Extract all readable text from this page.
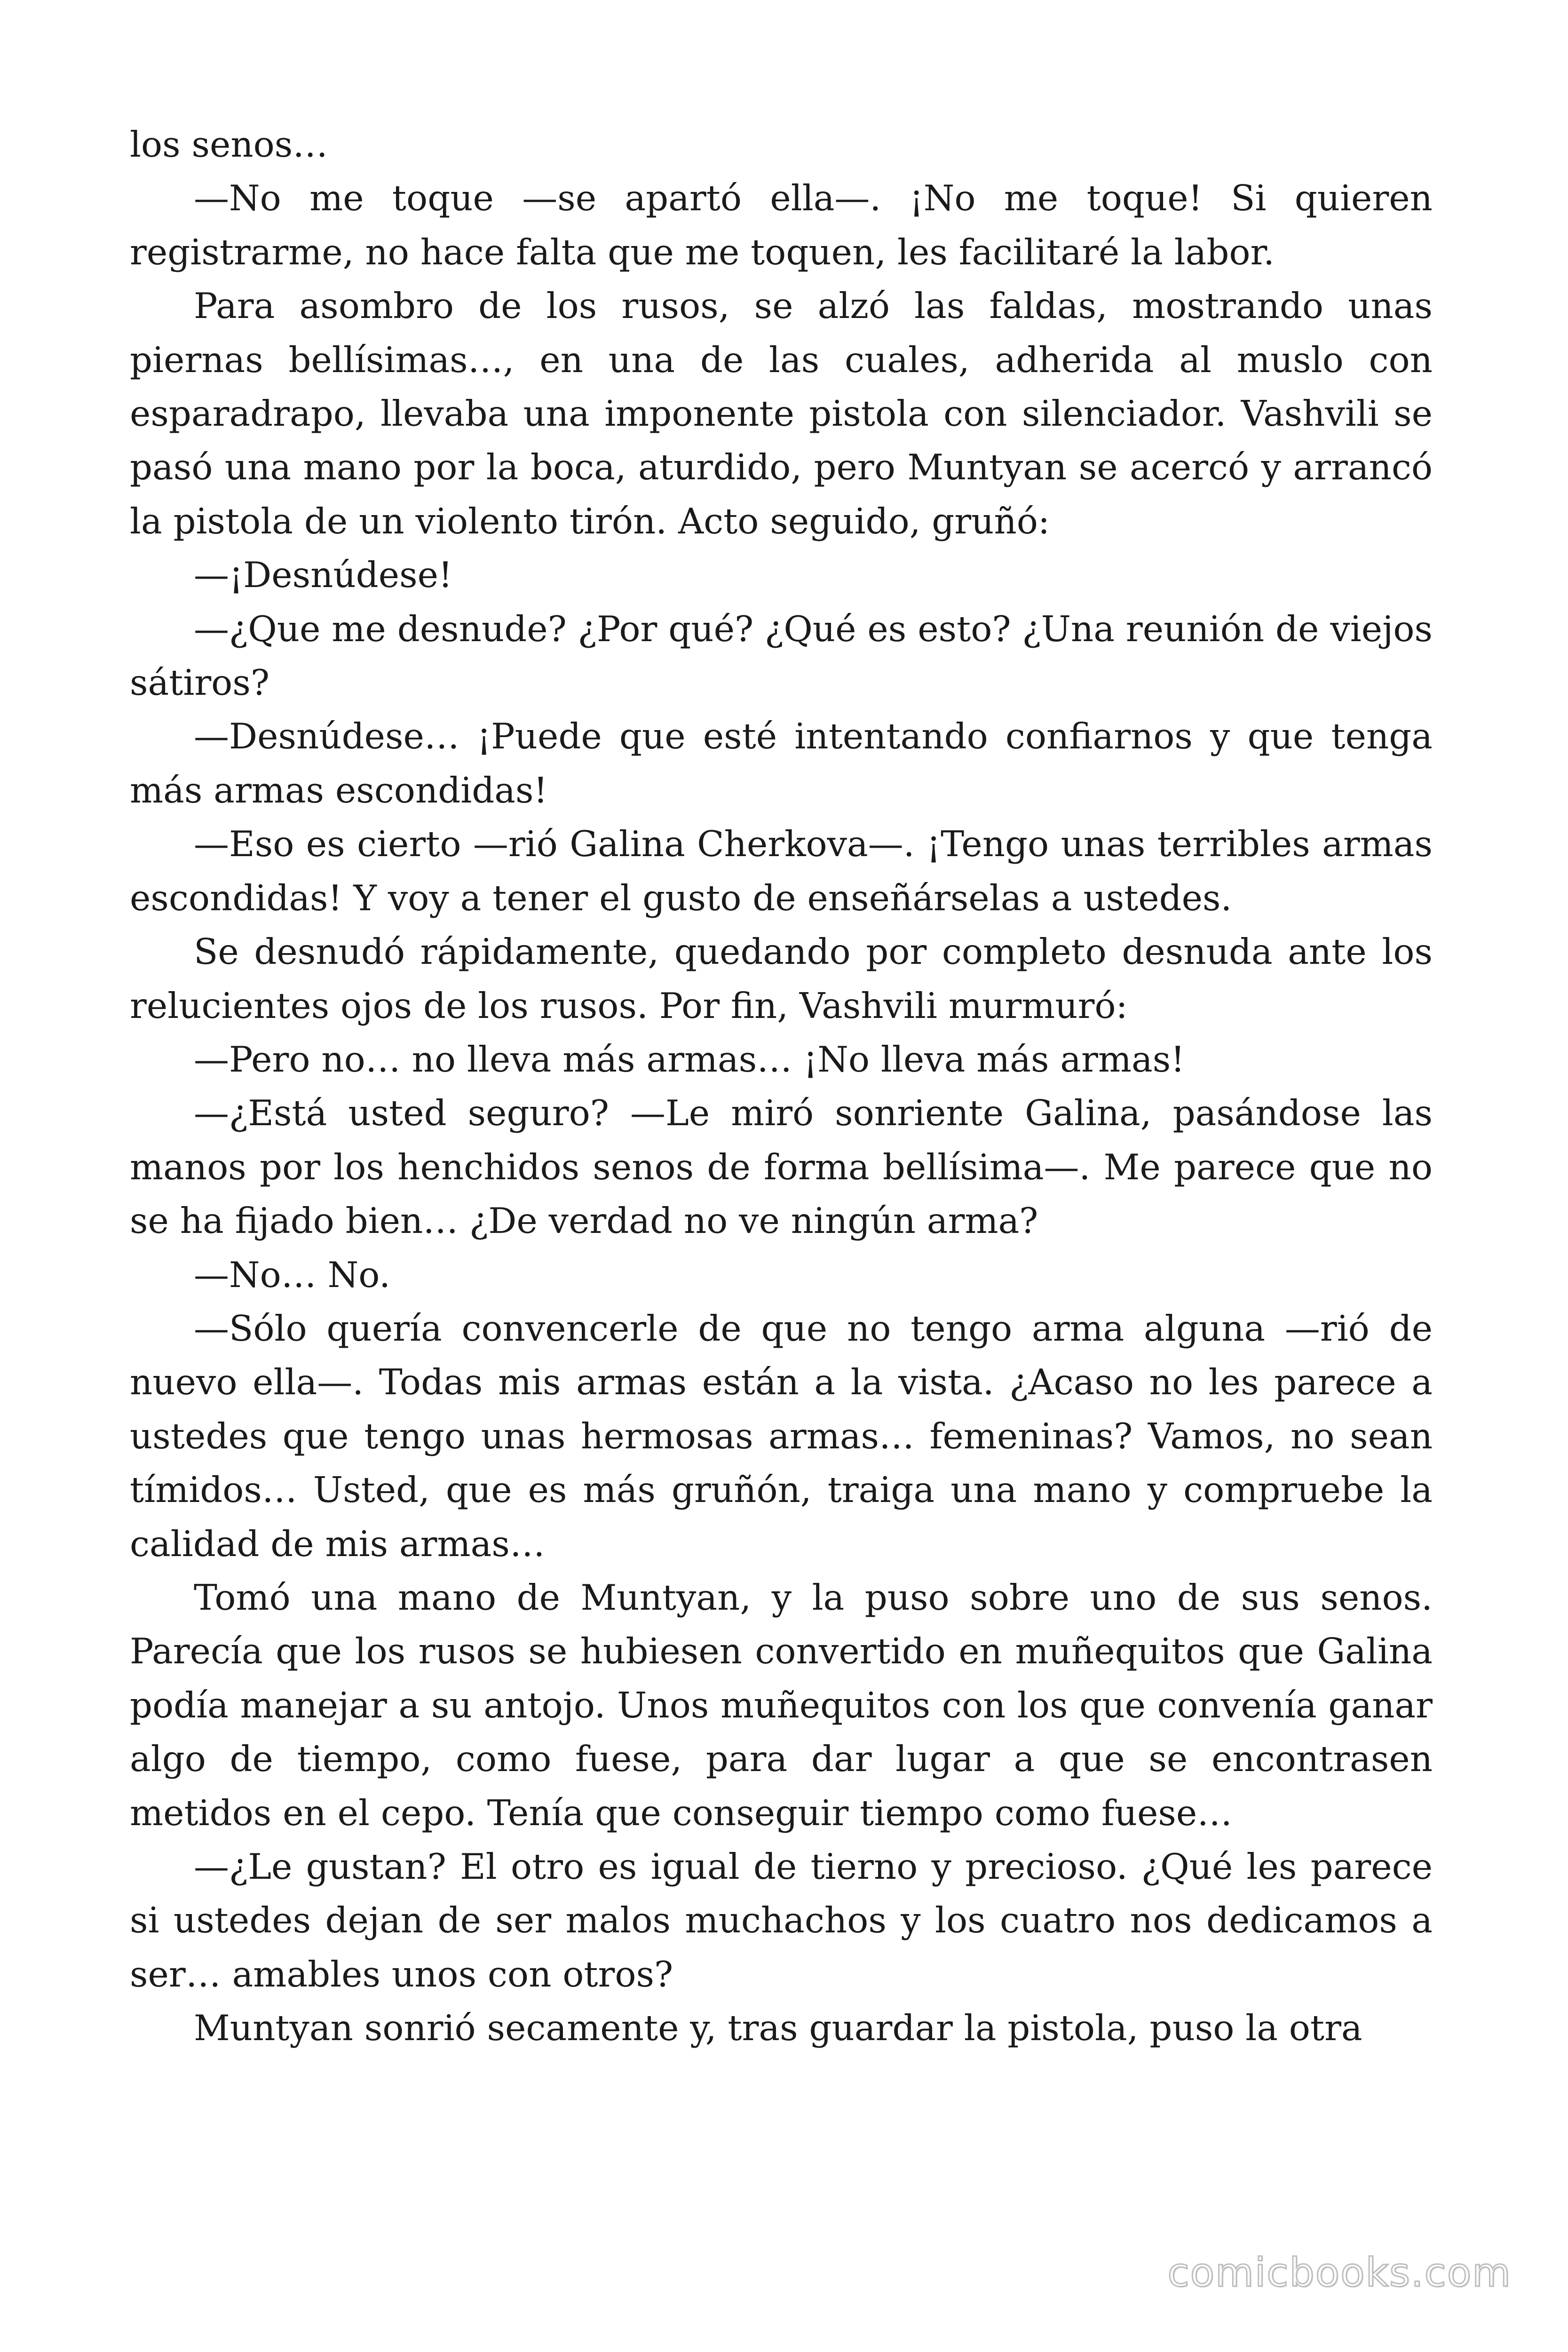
los senos…

—No me toque —se apartó ella—. ¡No me toque! Si quieren registrarme, no hace falta que me toquen, les facilitaré la labor.

Para asombro de los rusos, se alzó las faldas, mostrando unas piernas bellísimas…, en una de las cuales, adherida al muslo con esparadrapo, llevaba una imponente pistola con silenciador. Vashvili se pasó una mano por la boca, aturdido, pero Muntyan se acercó y arrancó la pistola de un violento tirón. Acto seguido, gruñó:

—¡Desnúdese!

—¿Que me desnude? ¿Por qué? ¿Qué es esto? ¿Una reunión de viejos sátiros?

—Desnúdese… ¡Puede que esté intentando confiarnos y que tenga más armas escondidas!

—Eso es cierto —rió Galina Cherkova—. ¡Tengo unas terribles armas escondidas! Y voy a tener el gusto de enseñárselas a ustedes.

Se desnudó rápidamente, quedando por completo desnuda ante los relucientes ojos de los rusos. Por fin, Vashvili murmuró:

—Pero no… no lleva más armas… ¡No lleva más armas!

—¿Está usted seguro? —Le miró sonriente Galina, pasándose las manos por los henchidos senos de forma bellísima—. Me parece que no se ha fijado bien… ¿De verdad no ve ningún arma?

—No… No.

—Sólo quería convencerle de que no tengo arma alguna —rió de nuevo ella—. Todas mis armas están a la vista. ¿Acaso no les parece a ustedes que tengo unas hermosas armas… femeninas? Vamos, no sean tímidos… Usted, que es más gruñón, traiga una mano y compruebe la calidad de mis armas…

Tomó una mano de Muntyan, y la puso sobre uno de sus senos. Parecía que los rusos se hubiesen convertido en muñequitos que Galina podía manejar a su antojo. Unos muñequitos con los que convenía ganar algo de tiempo, como fuese, para dar lugar a que se encontrasen metidos en el cepo. Tenía que conseguir tiempo como fuese…

—¿Le gustan? El otro es igual de tierno y precioso. ¿Qué les parece si ustedes dejan de ser malos muchachos y los cuatro nos dedicamos a ser… amables unos con otros?

Muntyan sonrió secamente y, tras guardar la pistola, puso la otra

comicbooks.com
